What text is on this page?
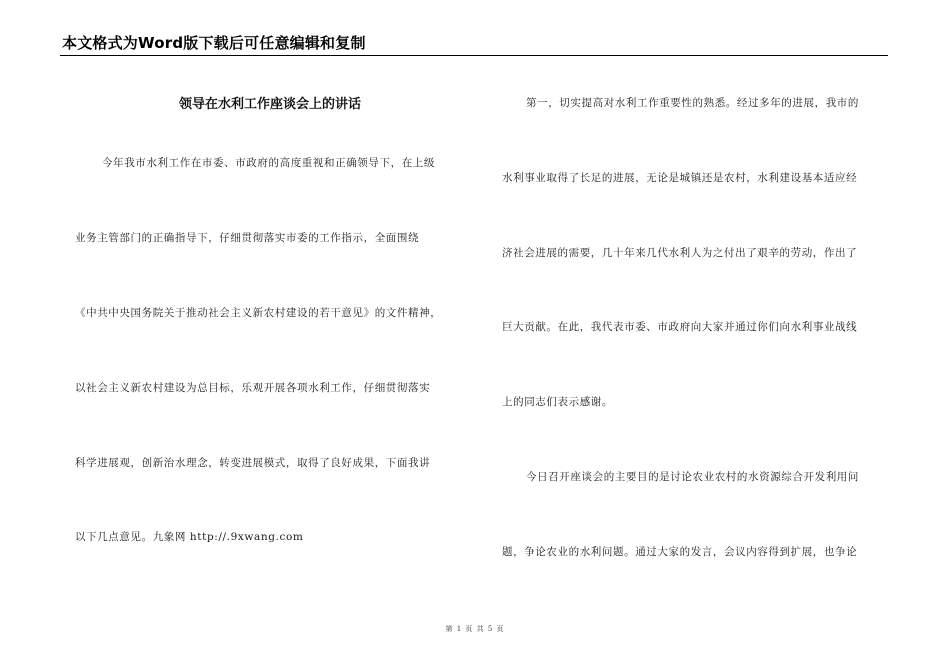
本文格式为Word版下载后可任意编辑和复制
领导在水利工作座谈会上的讲话
今年我市水利工作在市委、市政府的高度重视和正确领导下，在上级
业务主管部门的正确指导下，仔细贯彻落实市委的工作指示，全面围绕
《中共中央国务院关于推动社会主义新农村建设的若干意见》的文件精神，
以社会主义新农村建设为总目标，乐观开展各项水利工作，仔细贯彻落实
科学进展观，创新治水理念，转变进展模式，取得了良好成果，下面我讲
以下几点意见。九象网 http://.9xwang.com
第一，切实提高对水利工作重要性的熟悉。经过多年的进展，我市的
水利事业取得了长足的进展，无论是城镇还是农村，水利建设基本适应经
济社会进展的需要，几十年来几代水利人为之付出了艰辛的劳动，作出了
巨大贡献。在此，我代表市委、市政府向大家并通过你们向水利事业战线
上的同志们表示感谢。
今日召开座谈会的主要目的是讨论农业农村的水资源综合开发利用问
题，争论农业的水利问题。通过大家的发言，会议内容得到扩展，也争论
第 1 页 共 5 页
